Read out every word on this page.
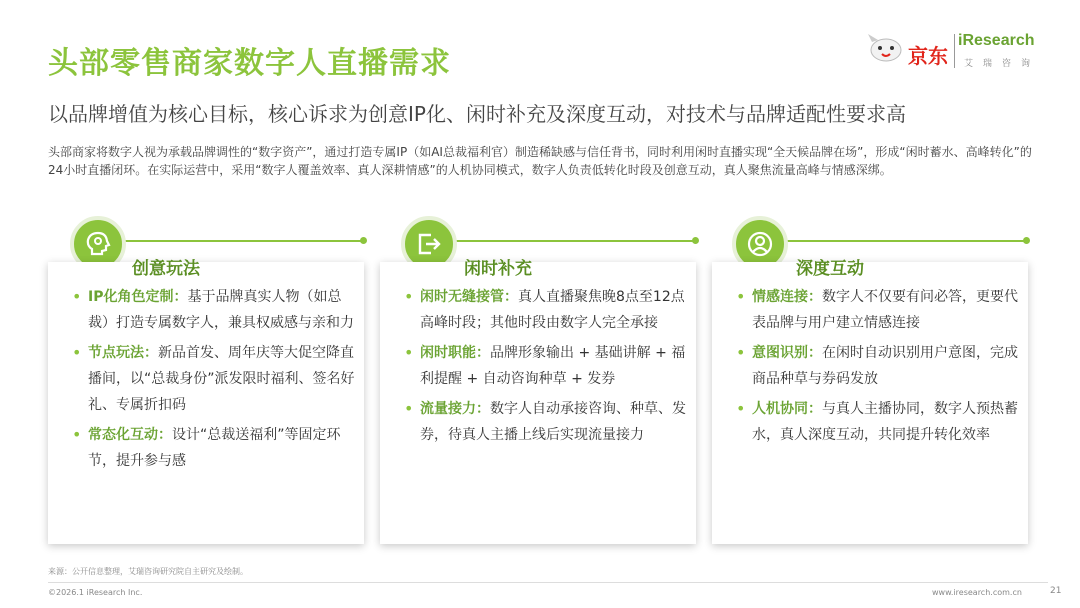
头部零售商家数字人直播需求	京东
iResearch
艾瑞咨询
以品牌增值为核心目标，核心诉求为创意IP化、闲时补充及深度互动，对技术与品牌适配性要求高
头部商家将数字人视为承载品牌调性的“数字资产”，通过打造专属IP（如AI总裁福利官）制造稀缺感与信任背书，同时利用闲时直播实现“全天候品牌在场”，形成“闲时蓄水、高峰转化”的24小时直播闭环。在实际运营中，采用“数字人覆盖效率、真人深耕情感”的人机协同模式，数字人负责低转化时段及创意互动，真人聚焦流量高峰与情感深绑。
创意玩法
• IP化角色定制：基于品牌真实人物（如总裁）打造专属数字人，兼具权威感与亲和力
• 节点玩法：新品首发、周年庆等大促空降直播间，以“总裁身份”派发限时福利、签名好礼、专属折扣码
• 常态化互动：设计“总裁送福利”等固定环节，提升参与感
闲时补充
• 闲时无缝接管：真人直播聚焦晚8点至12点高峰时段；其他时段由数字人完全承接
• 闲时职能：品牌形象输出 + 基础讲解 + 福利提醒 + 自动咨询种草 + 发券
• 流量接力：数字人自动承接咨询、种草、发券，待真人主播上线后实现流量接力
深度互动
• 情感连接：数字人不仅要有问必答，更要代表品牌与用户建立情感连接
• 意图识别：在闲时自动识别用户意图，完成商品种草与券码发放
• 人机协同：与真人主播协同，数字人预热蓄水，真人深度互动，共同提升转化效率
来源：公开信息整理，艾瑞咨询研究院自主研究及绘制。
©2026.1 iResearch Inc.	www.iresearch.com.cn	21
